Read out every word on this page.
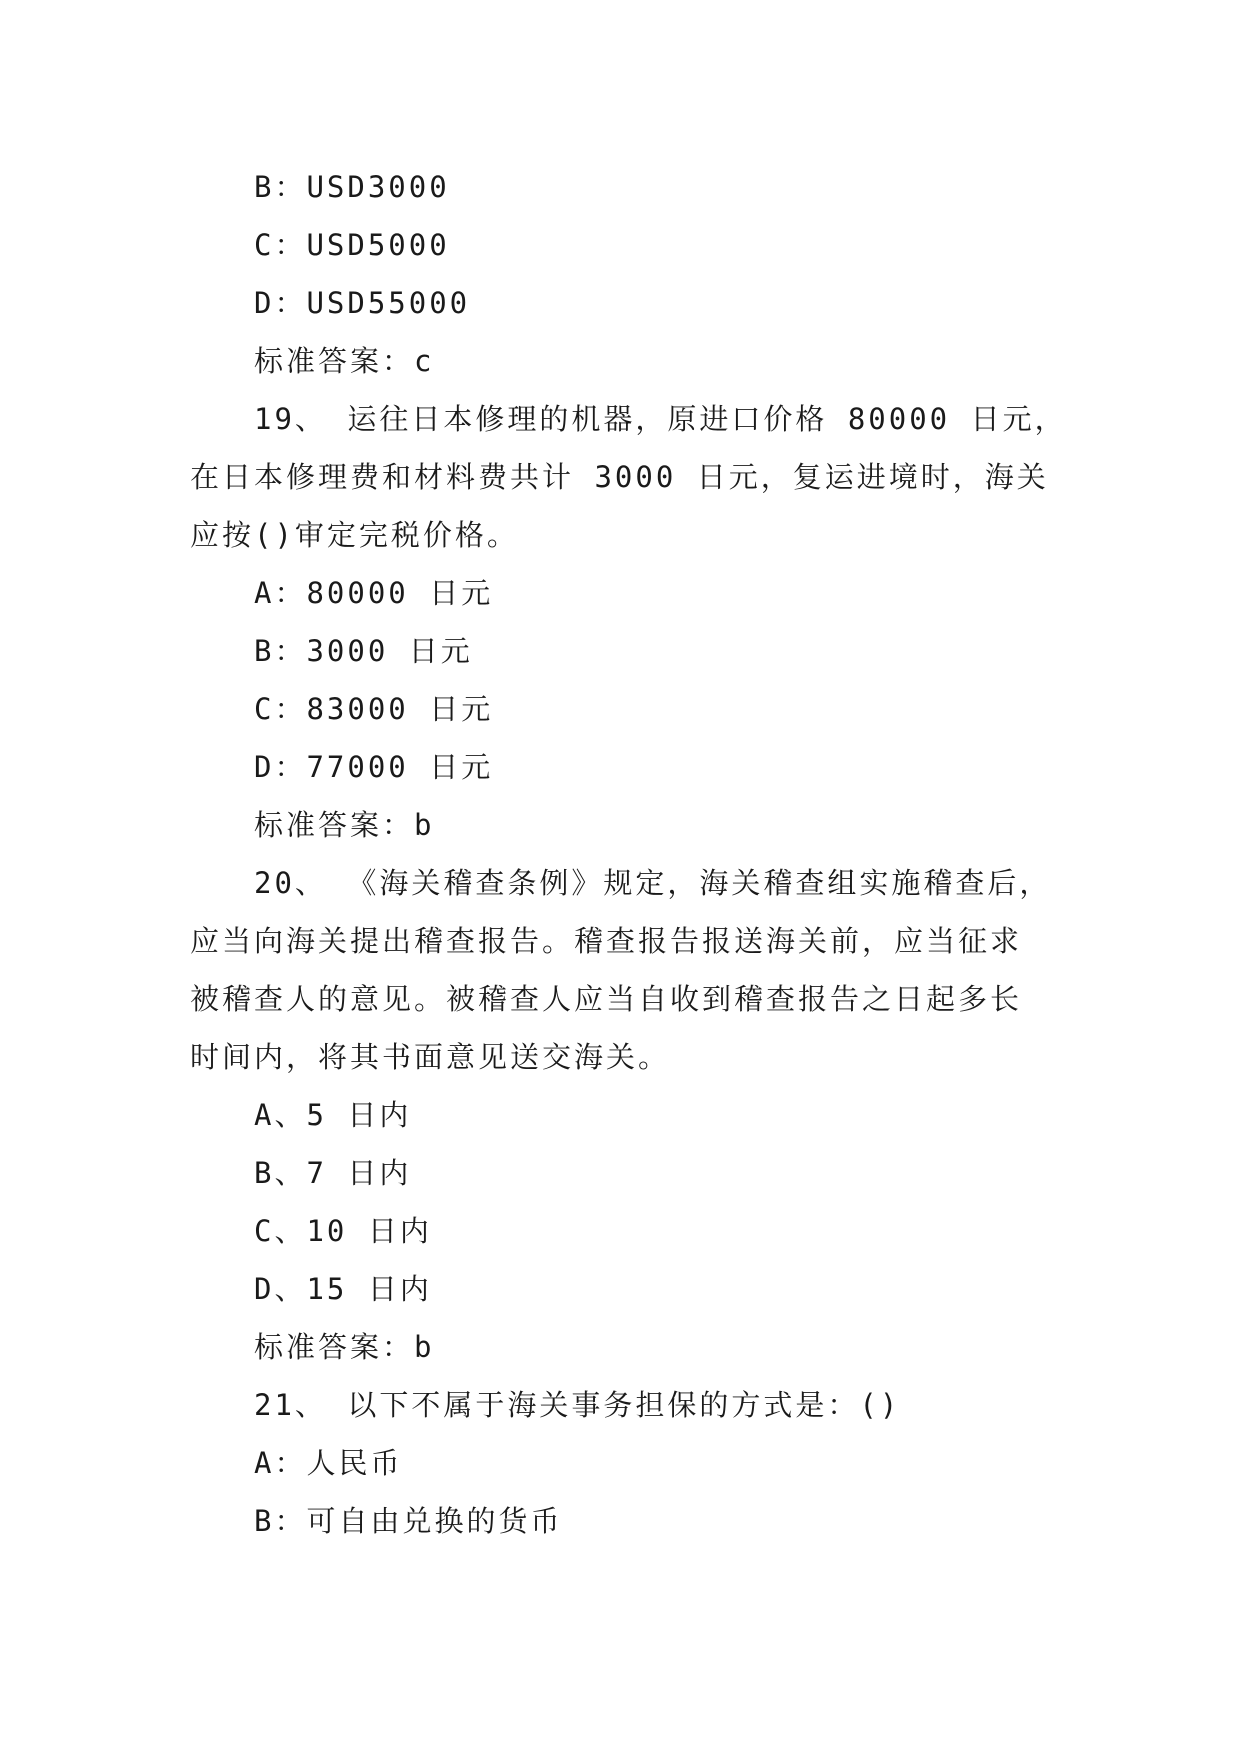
B：USD3000
C：USD5000
D：USD55000
标准答案：c
19、 运往日本修理的机器，原进口价格 80000 日元，
在日本修理费和材料费共计 3000 日元，复运进境时，海关
应按()审定完税价格。
A：80000 日元
B：3000 日元
C：83000 日元
D：77000 日元
标准答案：b
20、 《海关稽查条例》规定，海关稽查组实施稽查后，
应当向海关提出稽查报告。稽查报告报送海关前，应当征求
被稽查人的意见。被稽查人应当自收到稽查报告之日起多长
时间内，将其书面意见送交海关。
A、5 日内
B、7 日内
C、10 日内
D、15 日内
标准答案：b
21、 以下不属于海关事务担保的方式是：()
A：人民币
B：可自由兑换的货币
